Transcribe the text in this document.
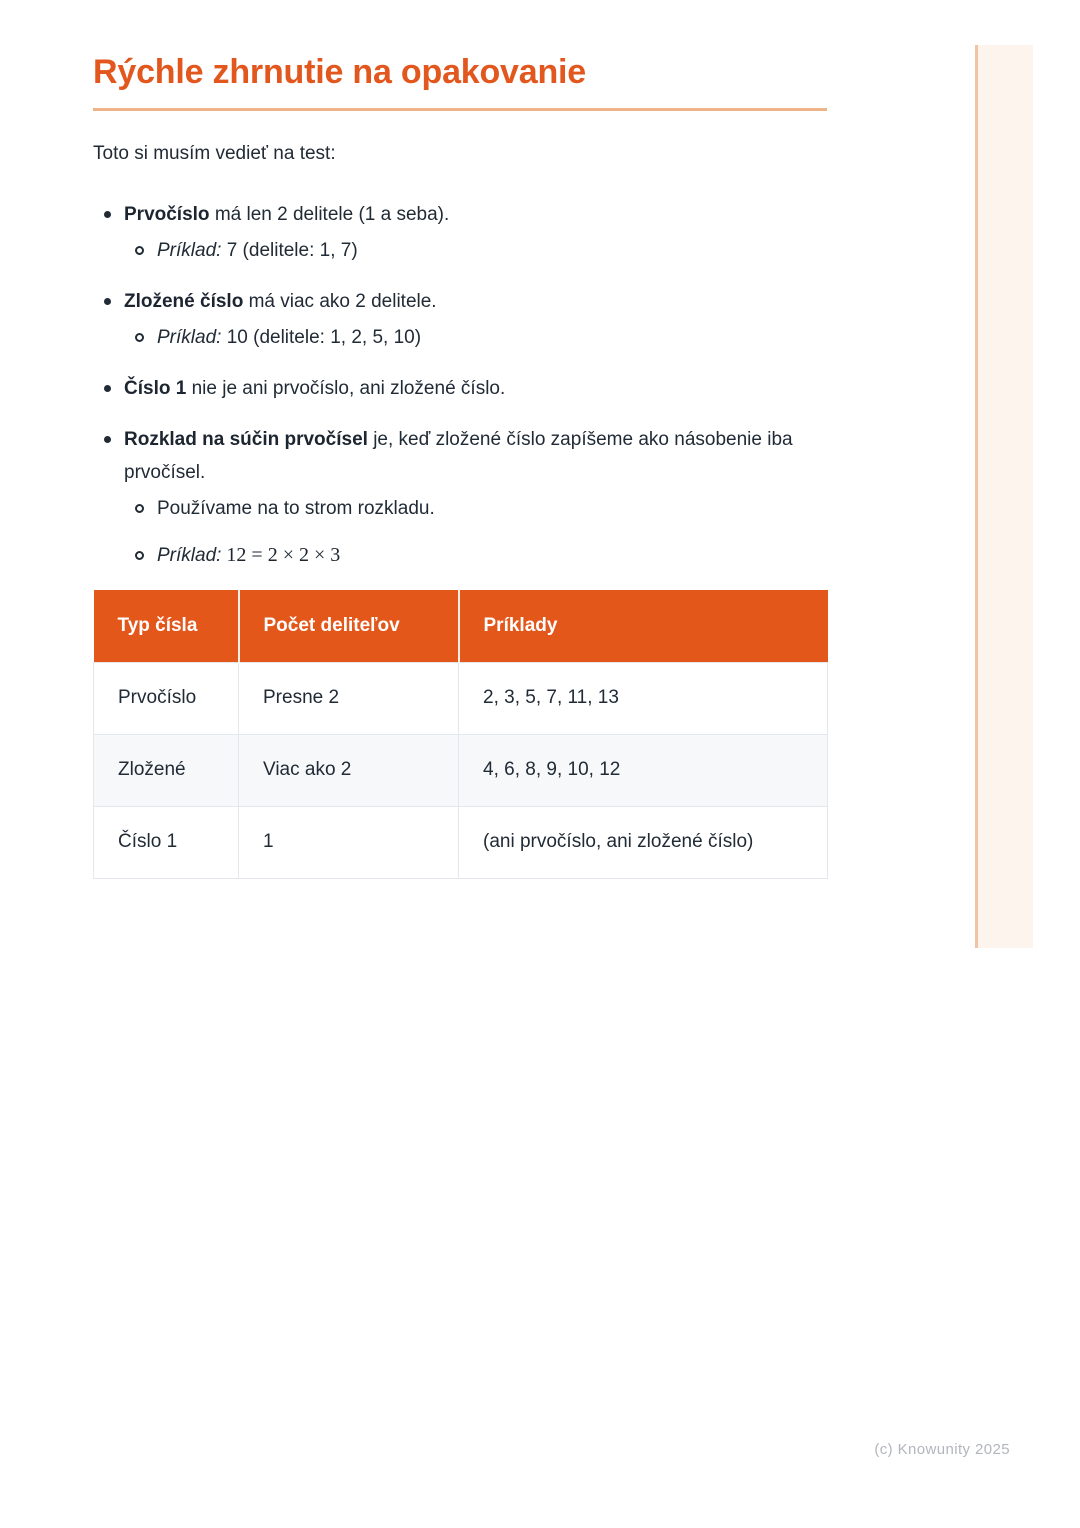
Rýchle zhrnutie na opakovanie

Toto si musím vedieť na test:

Prvočíslo má len 2 delitele (1 a seba).
Príklad: 7 (delitele: 1, 7)
Zložené číslo má viac ako 2 delitele.
Príklad: 10 (delitele: 1, 2, 5, 10)
Číslo 1 nie je ani prvočíslo, ani zložené číslo.
Rozklad na súčin prvočísel je, keď zložené číslo zapíšeme ako násobenie iba prvočísel.
Používame na to strom rozkladu.
Príklad: 12 = 2 × 2 × 3
Typ čísla	Počet deliteľov	Príklady
Prvočíslo	Presne 2	2, 3, 5, 7, 11, 13
Zložené	Viac ako 2	4, 6, 8, 9, 10, 12
Číslo 1	1	(ani prvočíslo, ani zložené číslo)
(c) Knowunity 2025
